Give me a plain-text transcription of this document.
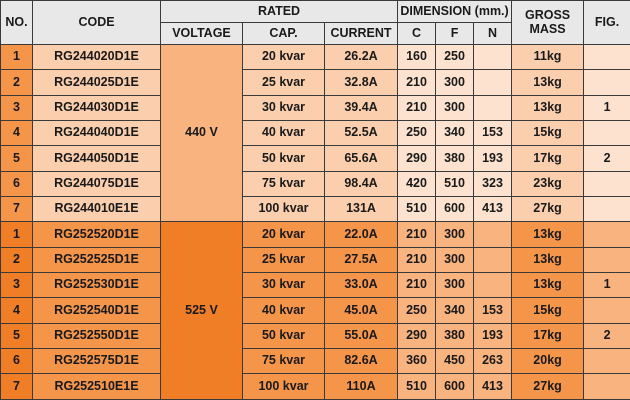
NO.	CODE	RATED			DIMENSION (mm.)			GROSS MASS	FIG.
		VOLTAGE	CAP.	CURRENT	C	F	N		
1	RG244020D1E	440 V	20 kvar	26.2A	160	250		11kg	
2	RG244025D1E		25 kvar	32.8A	210	300		13kg	
3	RG244030D1E		30 kvar	39.4A	210	300		13kg	1
4	RG244040D1E		40 kvar	52.5A	250	340	153	15kg	
5	RG244050D1E		50 kvar	65.6A	290	380	193	17kg	2
6	RG244075D1E		75 kvar	98.4A	420	510	323	23kg	
7	RG244010E1E		100 kvar	131A	510	600	413	27kg	
1	RG252520D1E	525 V	20 kvar	22.0A	210	300		13kg	
2	RG252525D1E		25 kvar	27.5A	210	300		13kg	
3	RG252530D1E		30 kvar	33.0A	210	300		13kg	1
4	RG252540D1E		40 kvar	45.0A	250	340	153	15kg	
5	RG252550D1E		50 kvar	55.0A	290	380	193	17kg	2
6	RG252575D1E		75 kvar	82.6A	360	450	263	20kg	
7	RG252510E1E		100 kvar	110A	510	600	413	27kg	
